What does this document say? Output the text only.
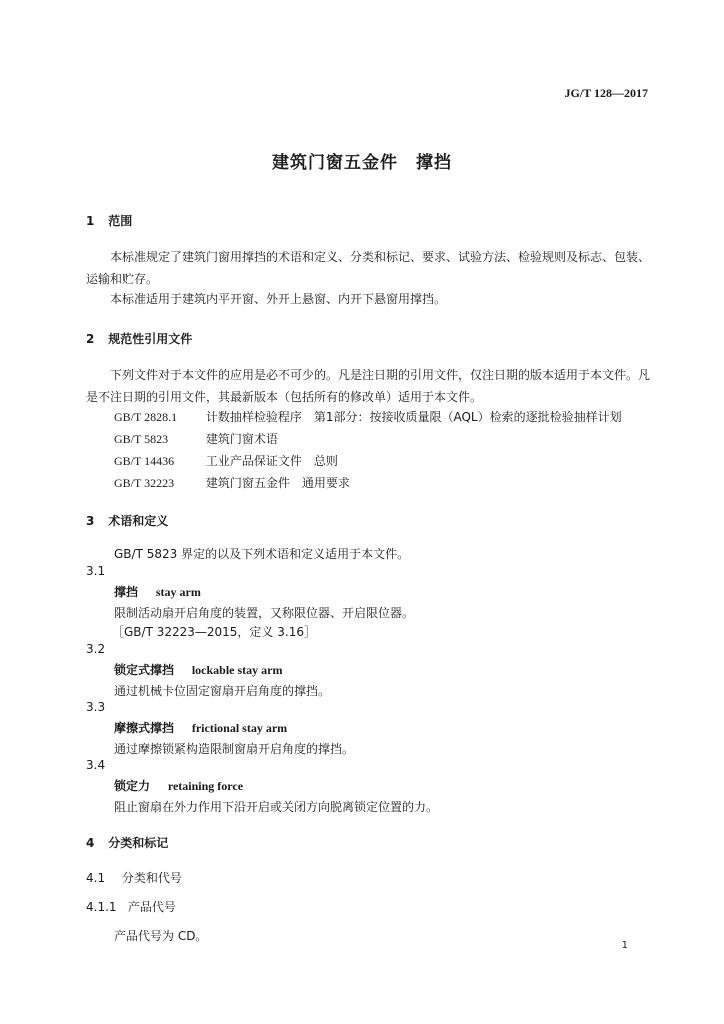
JG/T 128—2017
建筑门窗五金件　撑挡
1 范围
本标准规定了建筑门窗用撑挡的术语和定义、分类和标记、要求、试验方法、检验规则及标志、包装、运输和贮存。
本标准适用于建筑内平开窗、外开上悬窗、内开下悬窗用撑挡。
2 规范性引用文件
下列文件对于本文件的应用是必不可少的。凡是注日期的引用文件，仅注日期的版本适用于本文件。凡是不注日期的引用文件，其最新版本（包括所有的修改单）适用于本文件。
GB/T 2828.1 计数抽样检验程序　第1部分：按接收质量限（AQL）检索的逐批检验抽样计划
GB/T 5823	建筑门窗术语
GB/T 14436	工业产品保证文件　总则
GB/T 32223	建筑门窗五金件　通用要求
3 术语和定义
GB/T 5823 界定的以及下列术语和定义适用于本文件。
3.1
撑挡 stay arm
限制活动扇开启角度的装置，又称限位器、开启限位器。
［GB/T 32223—2015，定义 3.16］
3.2
锁定式撑挡 lockable stay arm
通过机械卡位固定窗扇开启角度的撑挡。
3.3
摩擦式撑挡 frictional stay arm
通过摩擦锁紧构造限制窗扇开启角度的撑挡。
3.4
锁定力 retaining force
阻止窗扇在外力作用下沿开启或关闭方向脱离锁定位置的力。
4 分类和标记
4.1 分类和代号
4.1.1 产品代号
产品代号为 CD。
1
